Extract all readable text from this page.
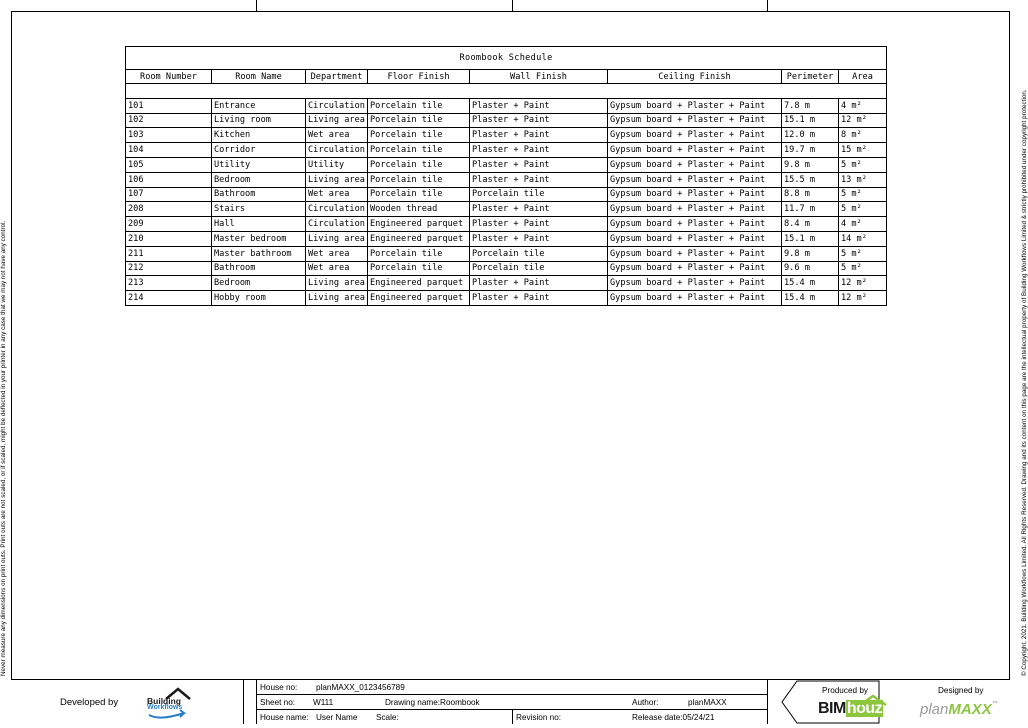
Never measure any dimensions on print outs. Print outs are not scaled, or if scaled, might be deflected in your printer in any case that we may not have any control.	© Copyright, 2021. Building Workflows Limited. All Rights Reserved. Drawing and its content on this page are the intellectual property of Building Workflows Limited & strictly prohibited under copyright protection.
Roombook Schedule							
Room Number	Room Name	Department	Floor Finish	Wall Finish	Ceiling Finish	Perimeter	Area

101	Entrance	Circulation	Porcelain tile	Plaster + Paint	Gypsum board + Plaster + Paint	7.8 m	4 m²
102	Living room	Living area	Porcelain tile	Plaster + Paint	Gypsum board + Plaster + Paint	15.1 m	12 m²
103	Kitchen	Wet area	Porcelain tile	Plaster + Paint	Gypsum board + Plaster + Paint	12.0 m	8 m²
104	Corridor	Circulation	Porcelain tile	Plaster + Paint	Gypsum board + Plaster + Paint	19.7 m	15 m²
105	Utility	Utility	Porcelain tile	Plaster + Paint	Gypsum board + Plaster + Paint	9.8 m	5 m²
106	Bedroom	Living area	Porcelain tile	Plaster + Paint	Gypsum board + Plaster + Paint	15.5 m	13 m²
107	Bathroom	Wet area	Porcelain tile	Porcelain tile	Gypsum board + Plaster + Paint	8.8 m	5 m²
208	Stairs	Circulation	Wooden thread	Plaster + Paint	Gypsum board + Plaster + Paint	11.7 m	5 m²
209	Hall	Circulation	Engineered parquet	Plaster + Paint	Gypsum board + Plaster + Paint	8.4 m	4 m²
210	Master bedroom	Living area	Engineered parquet	Plaster + Paint	Gypsum board + Plaster + Paint	15.1 m	14 m²
211	Master bathroom	Wet area	Porcelain tile	Porcelain tile	Gypsum board + Plaster + Paint	9.8 m	5 m²
212	Bathroom	Wet area	Porcelain tile	Porcelain tile	Gypsum board + Plaster + Paint	9.6 m	5 m²
213	Bedroom	Living area	Engineered parquet	Plaster + Paint	Gypsum board + Plaster + Paint	15.4 m	12 m²
214	Hobby room	Living area	Engineered parquet	Plaster + Paint	Gypsum board + Plaster + Paint	15.4 m	12 m²
Developed by	Building
Workflows
House no: planMAXX_0123456789
Sheet no: W111	Drawing name:Roombook	Author:	planMAXX
House name: User Name Scale:	Revision no:	Release date:05/24/21
Produced by
BIMhouz
Designed by
planMAXX™
